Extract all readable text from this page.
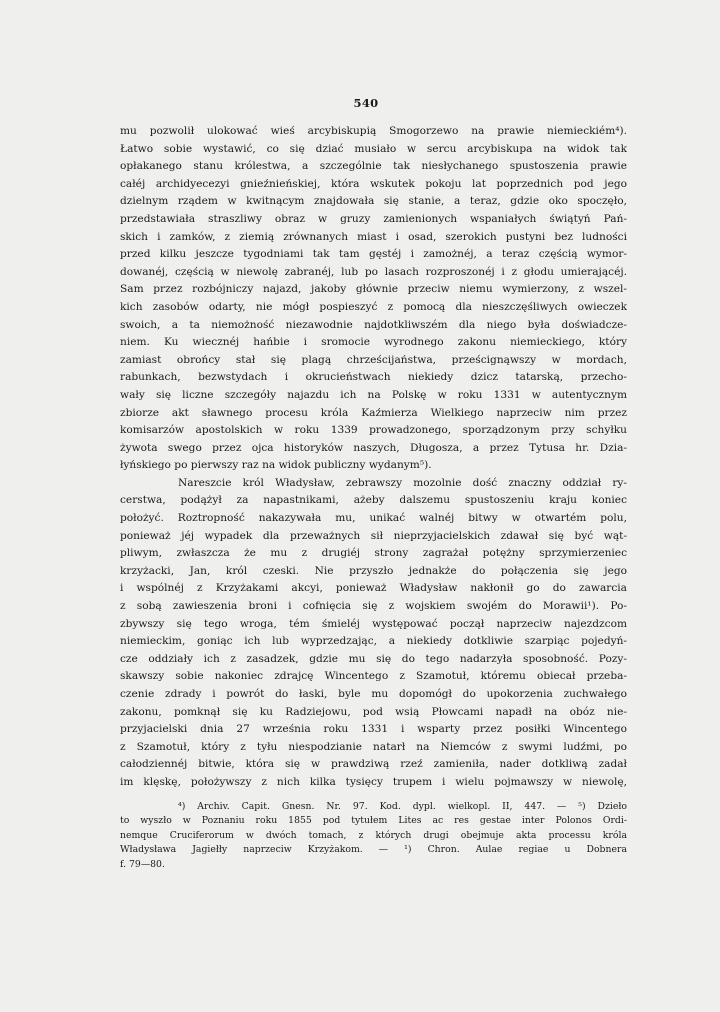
540
mu pozwolił ulokować wieś arcybiskupią Smogorzewo na prawie niemieckiém⁴).
Łatwo sobie wystawić, co się dziać musiało w sercu arcybiskupa na widok tak
opłakanego stanu królestwa, a szczególnie tak niesłychanego spustoszenia prawie
całéj archidyecezyi gnieźnieńskiej, która wskutek pokoju lat poprzednich pod jego
dzielnym rządem w kwitnącym znajdowała się stanie, a teraz, gdzie oko spoczęło,
przedstawiała straszliwy obraz w gruzy zamienionych wspaniałych świątyń Pań-
skich i zamków, z ziemią zrównanych miast i osad, szerokich pustyni bez ludności
przed kilku jeszcze tygodniami tak tam gęstéj i zamożnéj, a teraz częścią wymor-
dowanéj, częścią w niewolę zabranéj, lub po lasach rozproszonéj i z głodu umierającéj.
Sam przez rozbójniczy najazd, jakoby głównie przeciw niemu wymierzony, z wszel-
kich zasobów odarty, nie mógł pospieszyć z pomocą dla nieszczęśliwych owieczek
swoich, a ta niemożność niezawodnie najdotkliwszém dla niego była doświadcze-
niem. Ku wiecznéj hańbie i sromocie wyrodnego zakonu niemieckiego, który
zamiast obrońcy stał się plagą chrześcijaństwa, prześcignąwszy w mordach,
rabunkach, bezwstydach i okrucieństwach niekiedy dzicz tatarską, przecho-
wały się liczne szczegóły najazdu ich na Polskę w roku 1331 w autentycznym
zbiorze akt sławnego procesu króla Kaźmierza Wielkiego naprzeciw nim przez
komisarzów apostolskich w roku 1339 prowadzonego, sporządzonym przy schyłku
żywota swego przez ojca historyków naszych, Długosza, a przez Tytusa hr. Dzia-
łyńskiego po pierwszy raz na widok publiczny wydanym⁵).
Nareszcie król Władysław, zebrawszy mozolnie dość znaczny oddział ry-
cerstwa, podążył za napastnikami, ażeby dalszemu spustoszeniu kraju koniec
położyć. Roztropność nakazywała mu, unikać walnéj bitwy w otwartém polu,
ponieważ jéj wypadek dla przeważnych sił nieprzyjacielskich zdawał się być wąt-
pliwym, zwłaszcza że mu z drugiéj strony zagrażał potężny sprzymierzeniec
krzyżacki, Jan, król czeski. Nie przyszło jednakże do połączenia się jego
i wspólnéj z Krzyżakami akcyi, ponieważ Władysław nakłonił go do zawarcia
z sobą zawieszenia broni i cofnięcia się z wojskiem swojém do Morawii¹). Po-
zbywszy się tego wroga, tém śmieléj występować począł naprzeciw najezdzcom
niemieckim, goniąc ich lub wyprzedzając, a niekiedy dotkliwie szarpiąc pojedyń-
cze oddziały ich z zasadzek, gdzie mu się do tego nadarzyła sposobność. Pozy-
skawszy sobie nakoniec zdrajcę Wincentego z Szamotuł, któremu obiecał przeba-
czenie zdrady i powrót do łaski, byle mu dopomógł do upokorzenia zuchwałego
zakonu, pomknął się ku Radziejowu, pod wsią Płowcami napadł na obóz nie-
przyjacielski dnia 27 września roku 1331 i wsparty przez posiłki Wincentego
z Szamotuł, który z tyłu niespodzianie natarł na Niemców z swymi ludźmi, po
całodziennéj bitwie, która się w prawdziwą rzeź zamieniła, nader dotkliwą zadał
im klęskę, położywszy z nich kilka tysięcy trupem i wielu pojmawszy w niewolę,
⁴) Archiv. Capit. Gnesn. Nr. 97. Kod. dypl. wielkopl. II, 447. — ⁵) Dzieło
to wyszło w Poznaniu roku 1855 pod tytułem Lites ac res gestae inter Polonos Ordi-
nemque Cruciferorum w dwóch tomach, z których drugi obejmuje akta processu króla
Władysława Jagiełły naprzeciw Krzyżakom. — ¹) Chron. Aulae regiae u Dobnera
f. 79—80.
